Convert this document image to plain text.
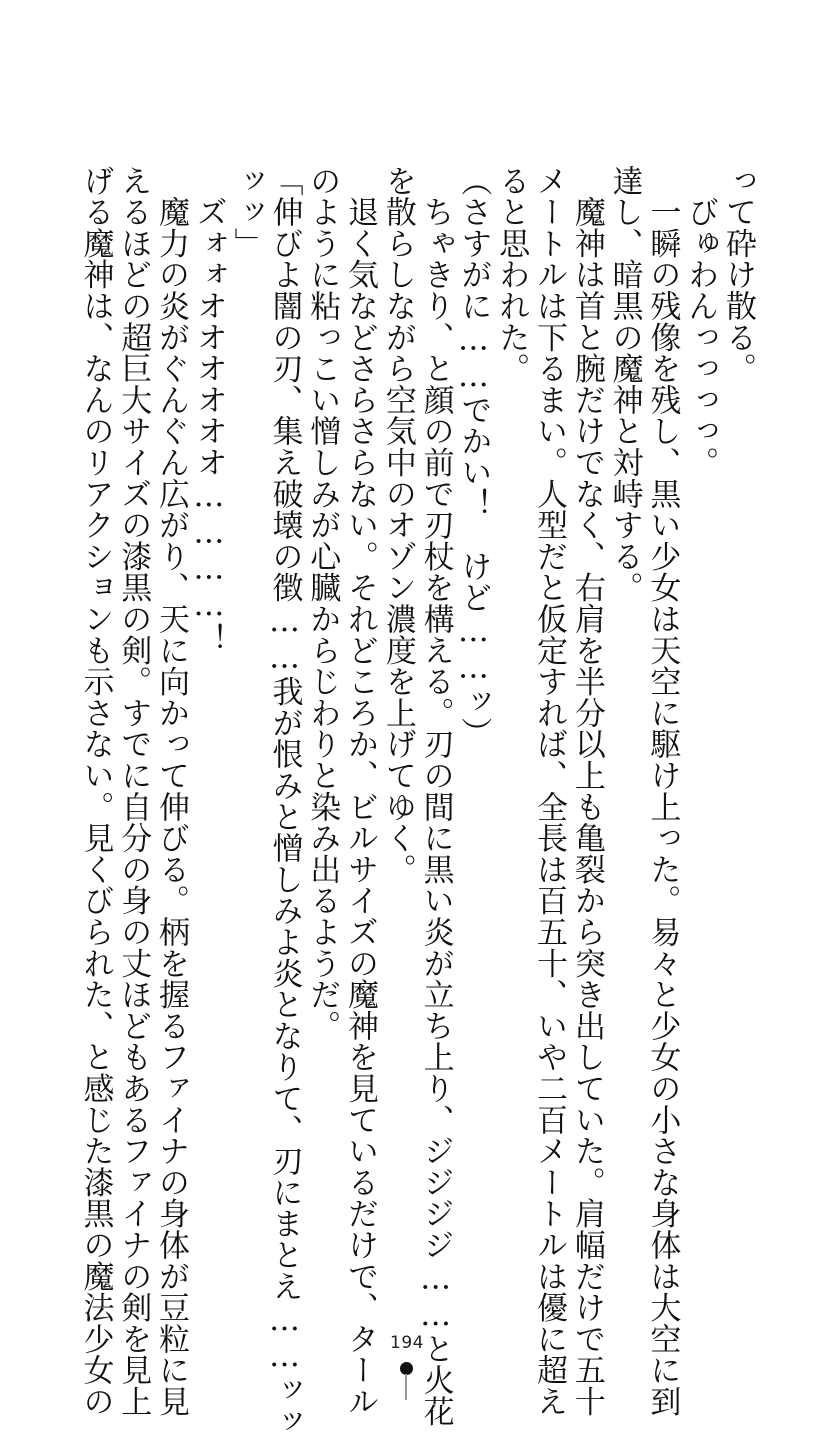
って砕け散る。
　びゅわんっっっっ。
　一瞬の残像を残し、黒い少女は天空に駆け上った。易々と少女の小さな身体は大空に到
達し、暗黒の魔神と対峙する。
　魔神は首と腕だけでなく、右肩を半分以上も亀裂から突き出していた。肩幅だけで五十
メートルは下るまい。人型だと仮定すれば、全長は百五十、いや二百メートルは優に超え
ると思われた。
（さすがに……でかい！　けど……ッ）
　ちゃきり、と顔の前で刃杖を構える。刃の間に黒い炎が立ち上り、ジジジジ……と火花
を散らしながら空気中のオゾン濃度を上げてゆく。
　退く気などさらさらない。それどころか、ビルサイズの魔神を見ているだけで、タール
のように粘っこい憎しみが心臓からじわりと染み出るようだ。
「伸びよ闇の刃、集え破壊の徴……我が恨みと憎しみよ炎となりて、刃にまとえ……ッッ
ッッ」
　ズォォオオオオオオ…………！
　魔力の炎がぐんぐん広がり、天に向かって伸びる。柄を握るファイナの身体が豆粒に見
えるほどの超巨大サイズの漆黒の剣。すでに自分の身の丈ほどもあるファイナの剣を見上
げる魔神は、なんのリアクションも示さない。見くびられた、と感じた漆黒の魔法少女の	194
